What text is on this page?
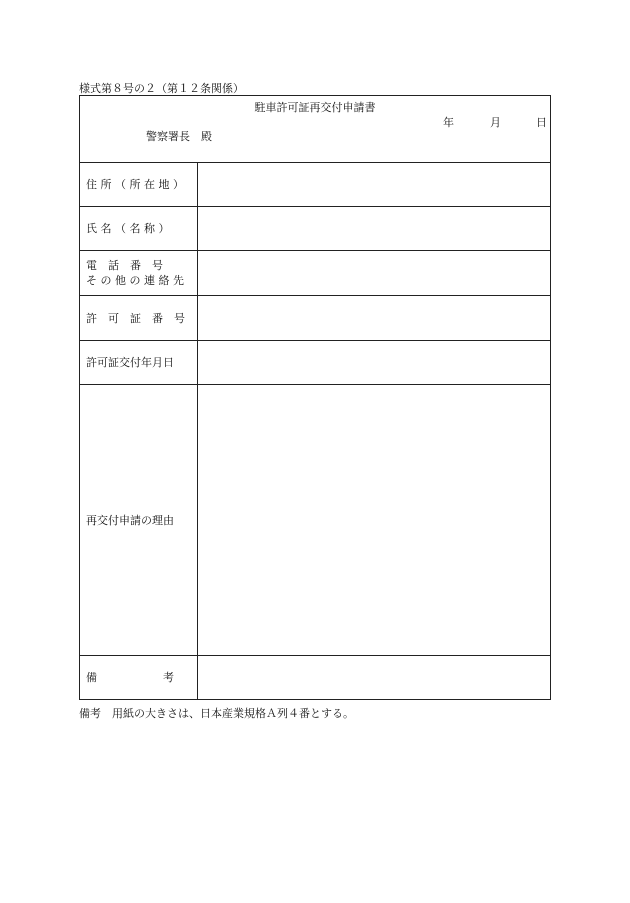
様式第８号の２（第１２条関係）
駐車許可証再交付申請書
年	月	日
警察署長　殿
住 所 （ 所 在 地 ）
氏 名 （ 名 称 ）
電　話　番　号
そ の 他 の 連 絡 先
許　可　証　番　号
許可証交付年月日
再交付申請の理由
備　　　　　　考
備考　用紙の大きさは、日本産業規格Ａ列４番とする。
